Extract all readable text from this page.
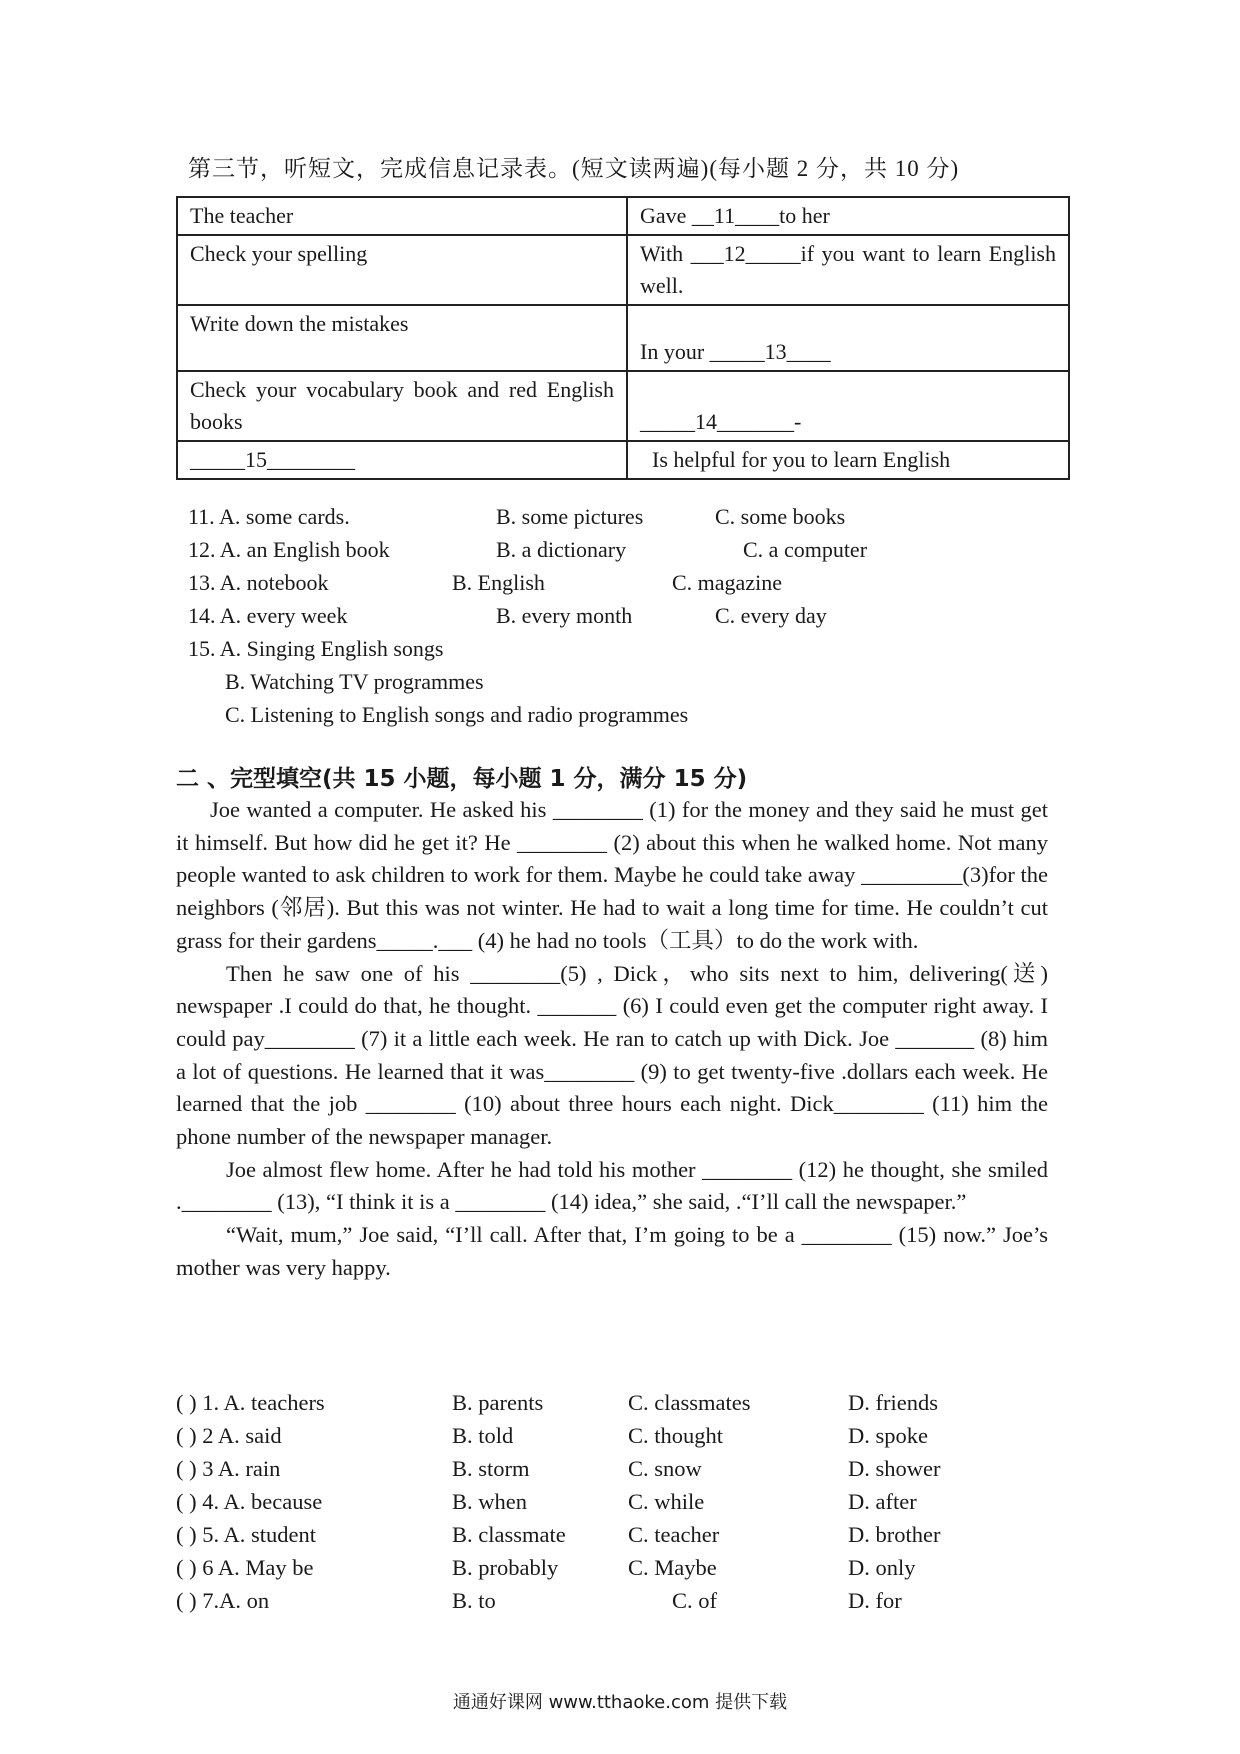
第三节，听短文，完成信息记录表。(短文读两遍)(每小题 2 分，共 10 分)
The teacher	Gave __11____to her
Check your spelling	With ___12_____if you want to learn English well.
Write down the mistakes	In your _____13____
Check your vocabulary book and red English books	_____14_______-
_____15________	Is helpful for you to learn English
11. A. some cards.	B. some pictures	C. some books
12. A. an English book	B. a dictionary	C. a computer
13. A. notebook	B. English	C. magazine
14. A. every week	B. every month	C. every day
15. A. Singing English songs
B. Watching TV programmes
C. Listening to English songs and radio programmes
二 、完型填空(共 15 小题，每小题 1 分，满分 15 分)

Joe wanted a computer. He asked his ________ (1) for the money and they said he must get it himself. But how did he get it? He ________ (2) about this when he walked home. Not many people wanted to ask children to work for them. Maybe he could take away _________(3)for the neighbors (邻居). But this was not winter. He had to wait a long time for time. He couldn’t cut grass for their gardens_____.___ (4) he had no tools（工具）to do the work with.

Then he saw one of his ________(5) , Dick，who sits next to him, delivering(送) newspaper .I could do that, he thought. _______ (6) I could even get the computer right away. I could pay________ (7) it a little each week. He ran to catch up with Dick. Joe _______ (8) him a lot of questions. He learned that it was________ (9) to get twenty-five .dollars each week. He learned that the job ________ (10) about three hours each night. Dick________ (11) him the phone number of the newspaper manager.

Joe almost flew home. After he had told his mother ________ (12) he thought, she smiled .________ (13), “I think it is a ________ (14) idea,” she said, .“I’ll call the newspaper.”

“Wait, mum,” Joe said, “I’ll call. After that, I’m going to be a ________ (15) now.” Joe’s mother was very happy.

( ) 1. A. teachers	B. parents	C. classmates	D. friends
( ) 2 A. said	B. told	C. thought	D. spoke
( ) 3 A. rain	B. storm	C. snow	D. shower
( ) 4. A. because	B. when	C. while	D. after
( ) 5. A. student	B. classmate	C. teacher	D. brother
( ) 6 A. May be	B. probably	C. Maybe	D. only
( ) 7.A. on	B. to	C. of	D. for
通通好课网 www.tthaoke.com 提供下载
